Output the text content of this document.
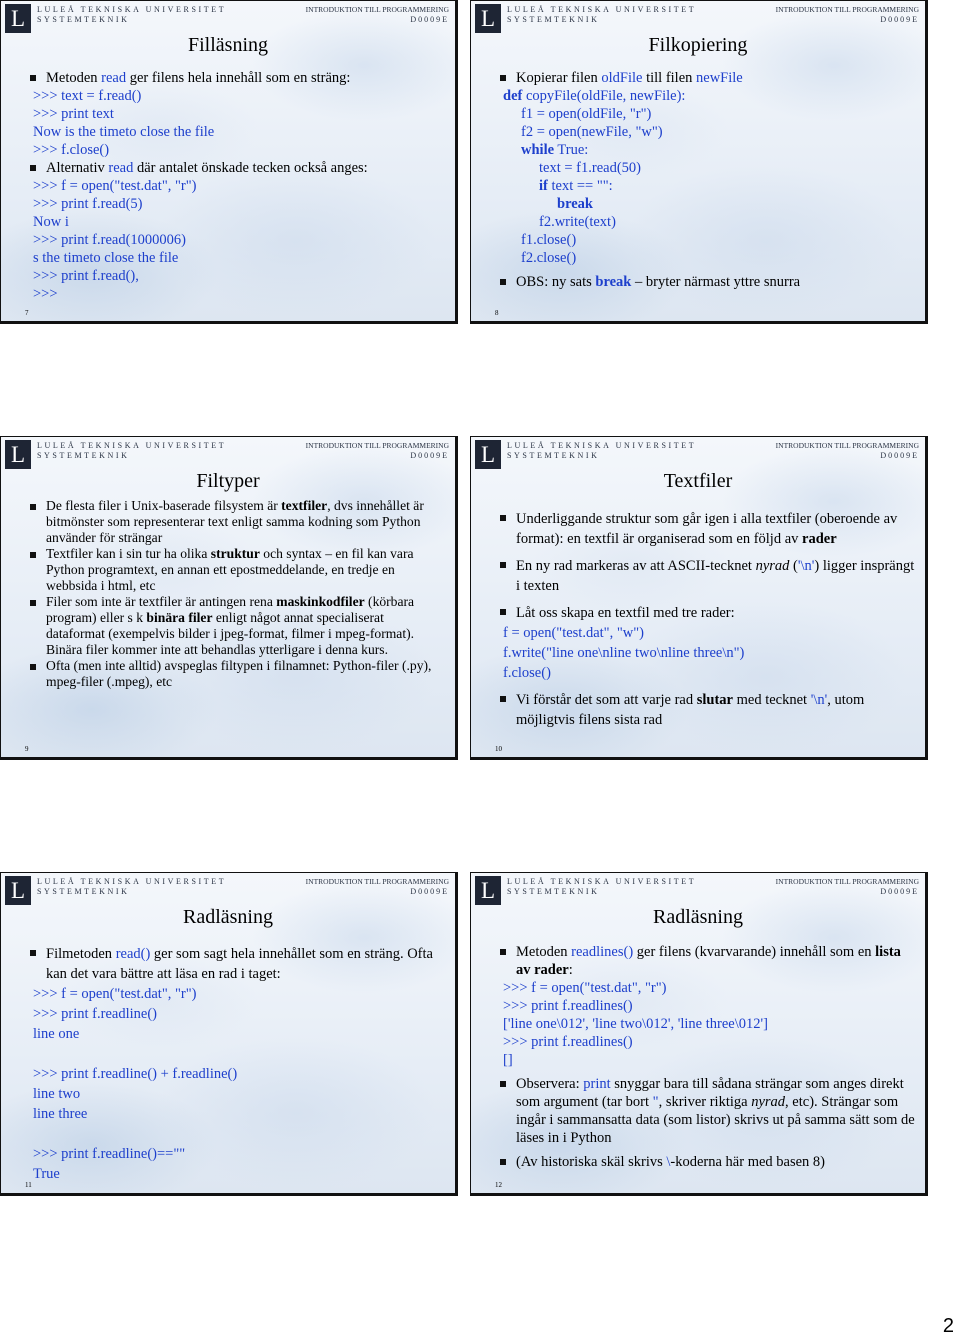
L	LULEÅ TEKNISKA UNIVERSITET
SYSTEMTEKNIK
INTRODUKTION TILL PROGRAMMERING
D0009E
Filläsning
Metoden read ger filens hela innehåll som en sträng:
>>> text = f.read()
>>> print text
Now is the timeto close the file
>>> f.close()
Alternativ read där antalet önskade tecken också anges:
>>> f = open("test.dat", "r")
>>> print f.read(5)
Now i
>>> print f.read(1000006)
s the timeto close the file
>>> print f.read(),
>>>
7
L	LULEÅ TEKNISKA UNIVERSITET
SYSTEMTEKNIK
INTRODUKTION TILL PROGRAMMERING
D0009E
Filkopiering
Kopierar filen oldFile till filen newFile
def copyFile(oldFile, newFile):
f1 = open(oldFile, "r")
f2 = open(newFile, "w")
while True:
text = f1.read(50)
if text == "":
break
f2.write(text)
f1.close()
f2.close()
OBS: ny sats break – bryter närmast yttre snurra
8
L	LULEÅ TEKNISKA UNIVERSITET
SYSTEMTEKNIK
INTRODUKTION TILL PROGRAMMERING
D0009E
Filtyper
De flesta filer i Unix-baserade filsystem är textfiler, dvs innehållet är bitmönster som representerar text enligt samma kodning som Python använder för strängar
Textfiler kan i sin tur ha olika struktur och syntax – en fil kan vara Python programtext, en annan ett epostmeddelande, en tredje en webbsida i html, etc
Filer som inte är textfiler är antingen rena maskinkodfiler (körbara program) eller s k binära filer enligt något annat specialiserat dataformat (exempelvis bilder i jpeg-format, filmer i mpeg-format). Binära filer kommer inte att behandlas ytterligare i denna kurs.
Ofta (men inte alltid) avspeglas filtypen i filnamnet: Python-filer (.py), mpeg-filer (.mpeg), etc
9
L	LULEÅ TEKNISKA UNIVERSITET
SYSTEMTEKNIK
INTRODUKTION TILL PROGRAMMERING
D0009E
Textfiler
Underliggande struktur som går igen i alla textfiler (oberoende av format): en textfil är organiserad som en följd av rader
En ny rad markeras av att ASCII-tecknet nyrad ('\n') ligger insprängt i texten
Låt oss skapa en textfil med tre rader:
f = open("test.dat", "w")
f.write("line one\nline two\nline three\n")
f.close()
Vi förstår det som att varje rad slutar med tecknet '\n', utom möjligtvis filens sista rad
10
L	LULEÅ TEKNISKA UNIVERSITET
SYSTEMTEKNIK
INTRODUKTION TILL PROGRAMMERING
D0009E
Radläsning
Filmetoden read() ger som sagt hela innehållet som en sträng. Ofta kan det vara bättre att läsa en rad i taget:
>>> f = open("test.dat", "r")
>>> print f.readline()
line one
>>> print f.readline() + f.readline()
line two
line three
>>> print f.readline()==""
True
11
L	LULEÅ TEKNISKA UNIVERSITET
SYSTEMTEKNIK
INTRODUKTION TILL PROGRAMMERING
D0009E
Radläsning
Metoden readlines() ger filens (kvarvarande) innehåll som en lista av rader:
>>> f = open("test.dat", "r")
>>> print f.readlines()
['line one\012', 'line two\012', 'line three\012']
>>> print f.readlines()
[]
Observera: print snyggar bara till sådana strängar som anges direkt som argument (tar bort ", skriver riktiga nyrad, etc). Strängar som ingår i sammansatta data (som listor) skrivs ut på samma sätt som de läses in i Python
(Av historiska skäl skrivs \-koderna här med basen 8)
12
2
